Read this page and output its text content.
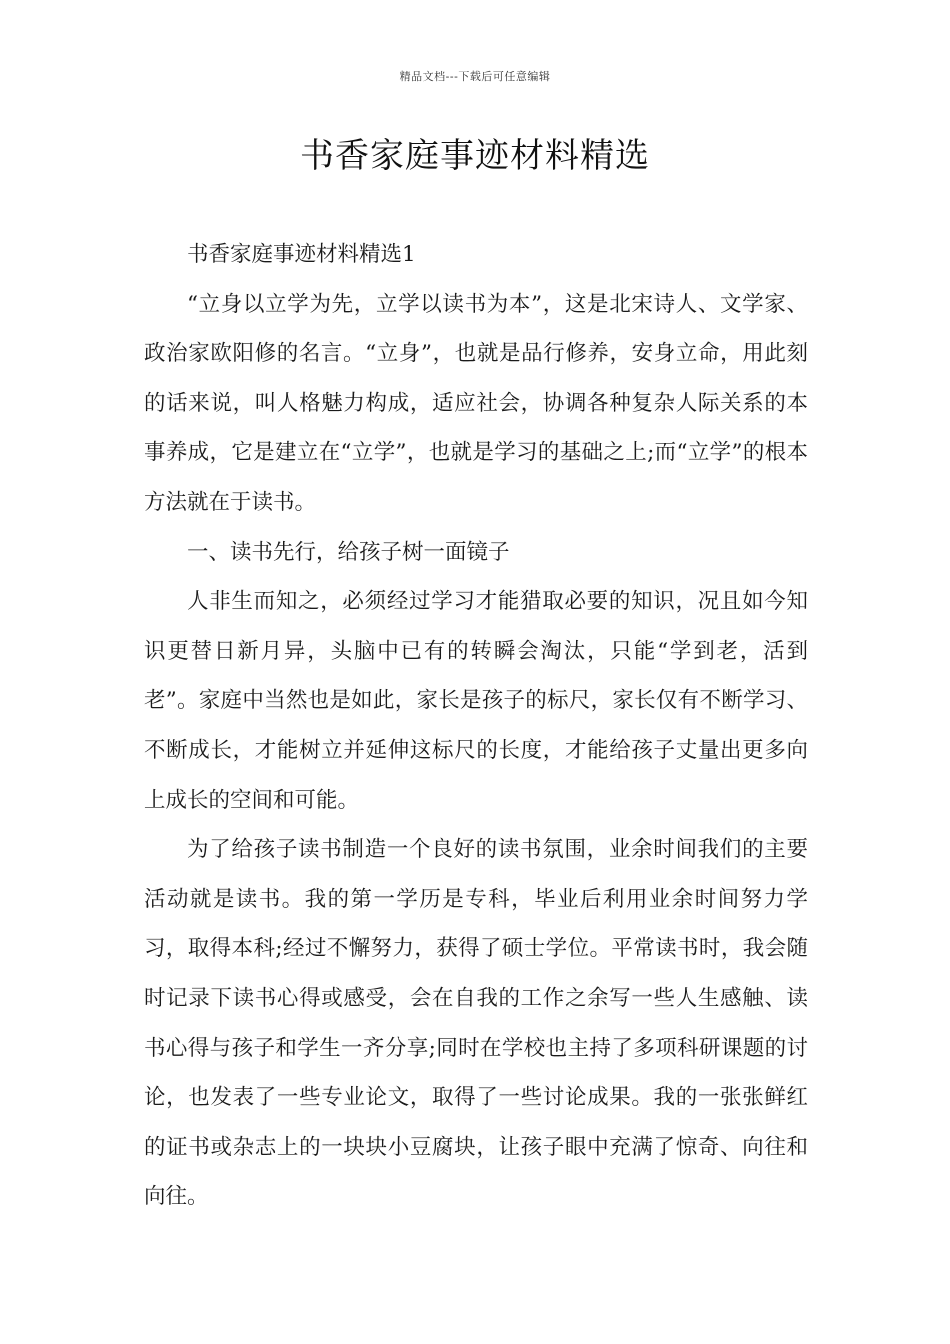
精品文档---下载后可任意编辑
书香家庭事迹材料精选

书香家庭事迹材料精选1

“立身以立学为先，立学以读书为本”，这是北宋诗人、文学家、政治家欧阳修的名言。“立身”，也就是品行修养，安身立命，用此刻的话来说，叫人格魅力构成，适应社会，协调各种复杂人际关系的本事养成，它是建立在“立学”，也就是学习的基础之上;而“立学”的根本方法就在于读书。

一、读书先行，给孩子树一面镜子

人非生而知之，必须经过学习才能猎取必要的知识，况且如今知识更替日新月异，头脑中已有的转瞬会淘汰，只能“学到老，活到老”。家庭中当然也是如此，家长是孩子的标尺，家长仅有不断学习、不断成长，才能树立并延伸这标尺的长度，才能给孩子丈量出更多向上成长的空间和可能。

为了给孩子读书制造一个良好的读书氛围，业余时间我们的主要活动就是读书。我的第一学历是专科，毕业后利用业余时间努力学习，取得本科;经过不懈努力，获得了硕士学位。平常读书时，我会随时记录下读书心得或感受，会在自我的工作之余写一些人生感触、读书心得与孩子和学生一齐分享;同时在学校也主持了多项科研课题的讨论，也发表了一些专业论文，取得了一些讨论成果。我的一张张鲜红的证书或杂志上的一块块小豆腐块，让孩子眼中充满了惊奇、向往和向往。
